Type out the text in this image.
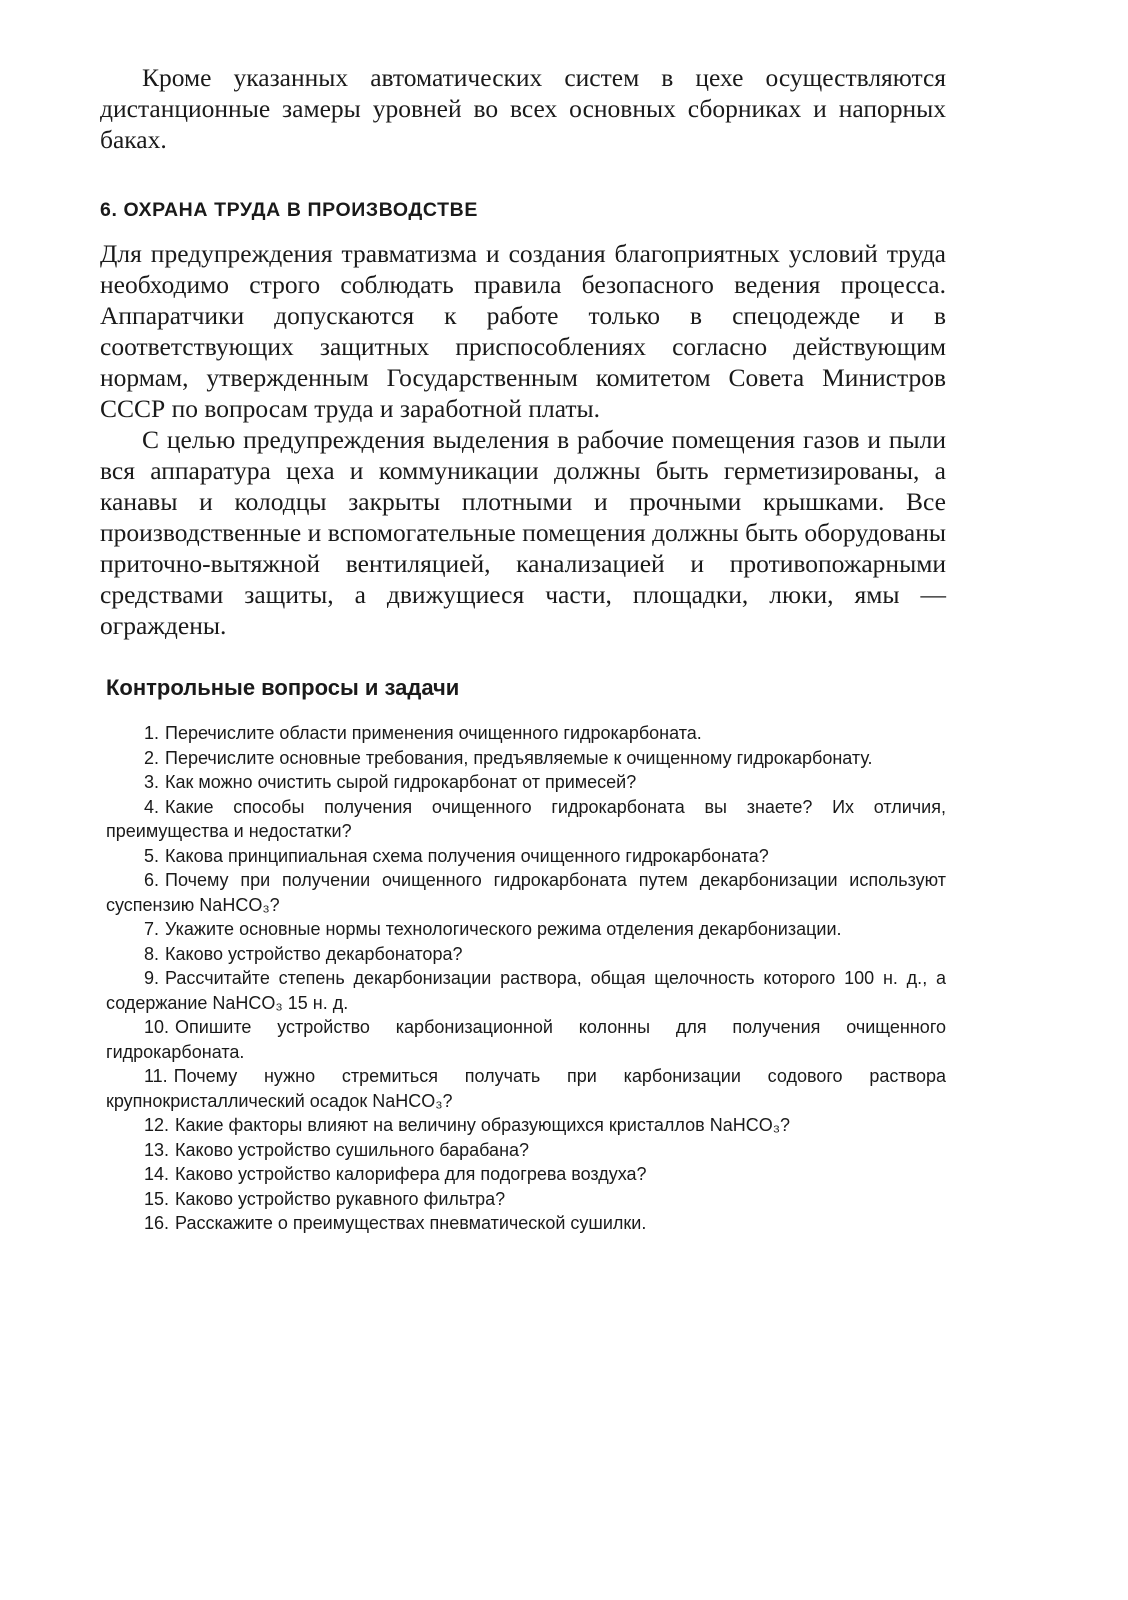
Кроме указанных автоматических систем в цехе осуществляются дистанционные замеры уровней во всех основных сборниках и напорных баках.

6. ОХРАНА ТРУДА В ПРОИЗВОДСТВЕ

Для предупреждения травматизма и создания благоприятных условий труда необходимо строго соблюдать правила безопасного ведения процесса. Аппаратчики допускаются к работе только в спецодежде и в соответствующих защитных приспособлениях согласно действующим нормам, утвержденным Государственным комитетом Совета Министров СССР по вопросам труда и заработной платы.

С целью предупреждения выделения в рабочие помещения газов и пыли вся аппаратура цеха и коммуникации должны быть герметизированы, а канавы и колодцы закрыты плотными и прочными крышками. Все производственные и вспомогательные помещения должны быть оборудованы приточно-вытяжной вентиляцией, канализацией и противопожарными средствами защиты, а движущиеся части, площадки, люки, ямы — ограждены.

Контрольные вопросы и задачи

1. Перечислите области применения очищенного гидрокарбоната.

2. Перечислите основные требования, предъявляемые к очищенному гидрокарбонату.

3. Как можно очистить сырой гидрокарбонат от примесей?

4. Какие способы получения очищенного гидрокарбоната вы знаете? Их отличия, преимущества и недостатки?

5. Какова принципиальная схема получения очищенного гидрокарбоната?

6. Почему при получении очищенного гидрокарбоната путем декарбонизации используют суспензию NaHCO₃?

7. Укажите основные нормы технологического режима отделения декарбонизации.

8. Каково устройство декарбонатора?

9. Рассчитайте степень декарбонизации раствора, общая щелочность которого 100 н. д., а содержание NaHCO₃ 15 н. д.

10. Опишите устройство карбонизационной колонны для получения очищенного гидрокарбоната.

11. Почему нужно стремиться получать при карбонизации содового раствора крупнокристаллический осадок NaHCO₃?

12. Какие факторы влияют на величину образующихся кристаллов NaHCO₃?

13. Каково устройство сушильного барабана?

14. Каково устройство калорифера для подогрева воздуха?

15. Каково устройство рукавного фильтра?

16. Расскажите о преимуществах пневматической сушилки.
